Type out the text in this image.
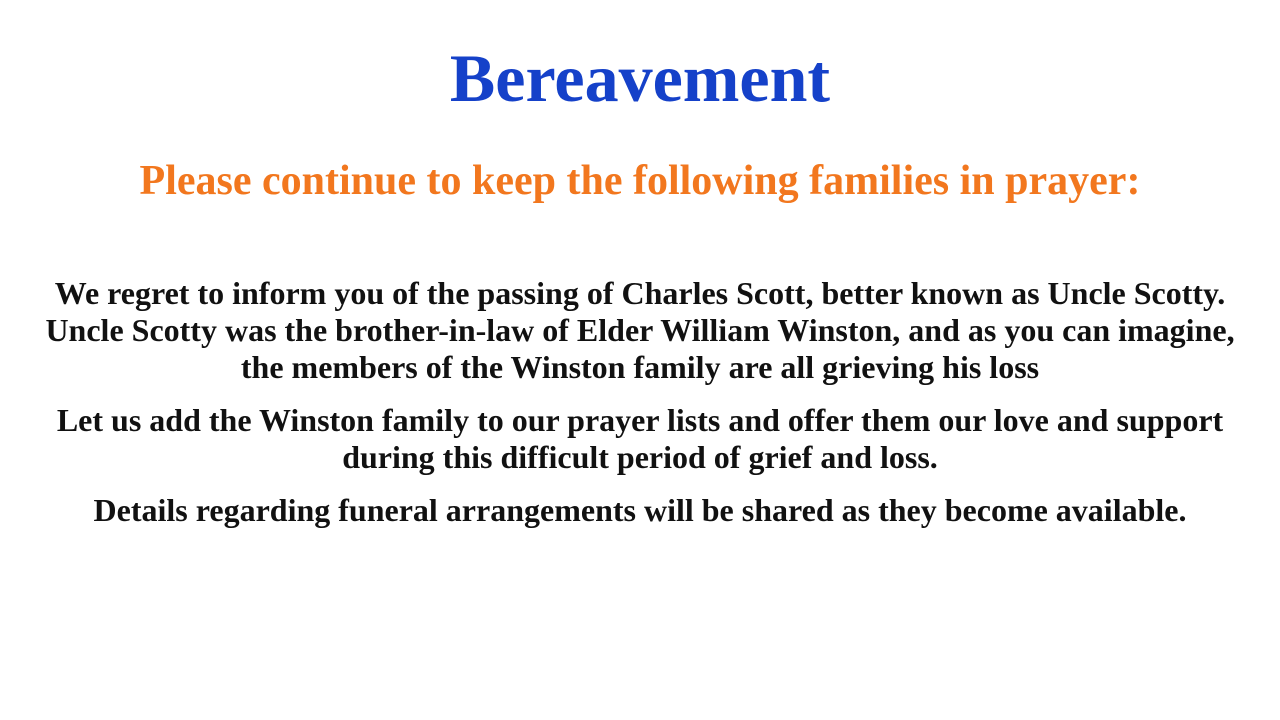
Bereavement
Please continue to keep the following families in prayer:

We regret to inform you of the passing of Charles Scott, better known as Uncle Scotty. Uncle Scotty was the brother-in-law of Elder William Winston, and as you can imagine, the members of the Winston family are all grieving his loss

Let us add the Winston family to our prayer lists and offer them our love and support during this difficult period of grief and loss.

Details regarding funeral arrangements will be shared as they become available.
